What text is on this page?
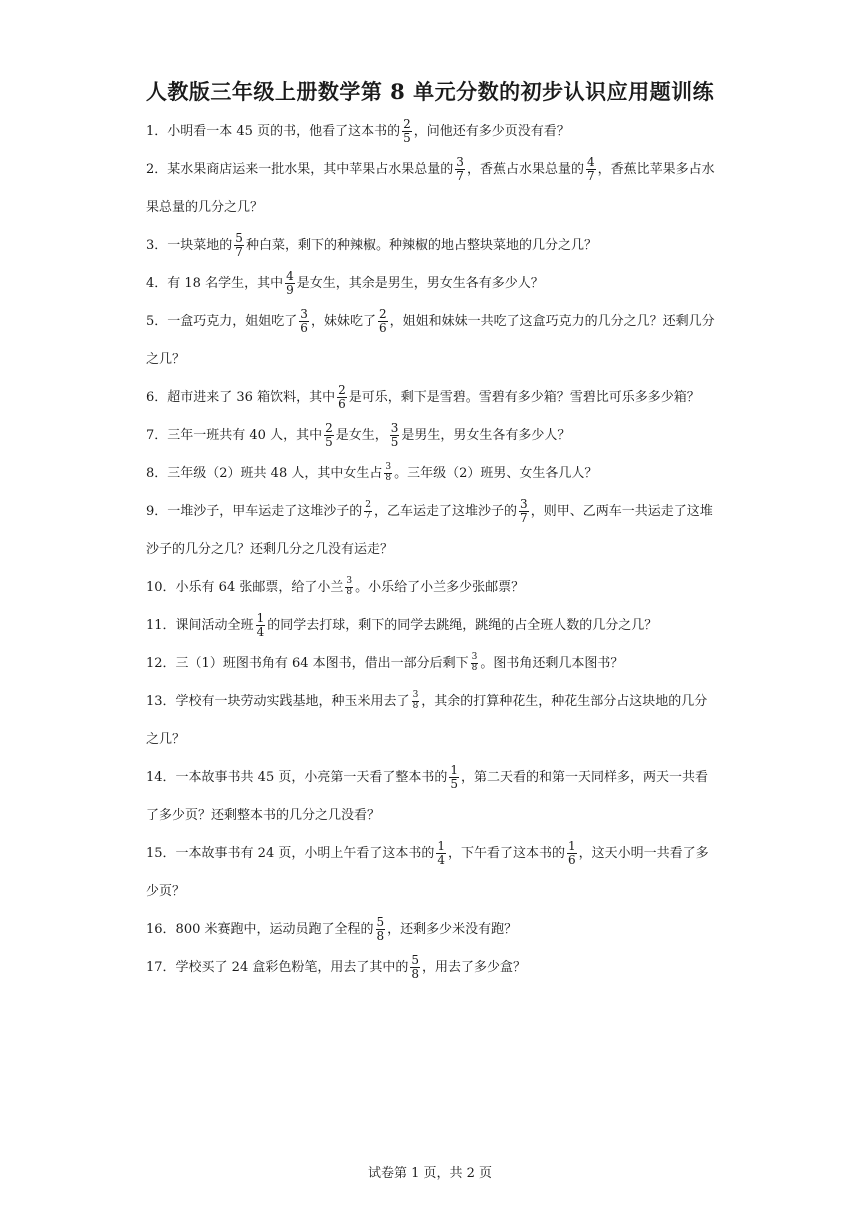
人教版三年级上册数学第 8 单元分数的初步认识应用题训练
1．小明看一本 45 页的书，他看了这本书的 $\frac{2}{5}$ ，问他还有多少页没有看？
2．某水果商店运来一批水果，其中苹果占水果总量的 $\frac{3}{7}$ ，香蕉占水果总量的 $\frac{4}{7}$ ，香蕉比苹果多占水果总量的几分之几？
3．一块菜地的 $\frac{5}{7}$ 种白菜，剩下的种辣椒。种辣椒的地占整块菜地的几分之几？
4．有 18 名学生，其中 $\frac{4}{9}$ 是女生，其余是男生，男女生各有多少人？
5．一盒巧克力，姐姐吃了 $\frac{3}{6}$ ，妹妹吃了 $\frac{2}{6}$ ，姐姐和妹妹一共吃了这盒巧克力的几分之几？还剩几分之几？
6．超市进来了 36 箱饮料，其中 $\frac{2}{6}$ 是可乐，剩下是雪碧。雪碧有多少箱？雪碧比可乐多多少箱？
7．三年一班共有 40 人，其中 $\frac{2}{5}$ 是女生， $\frac{3}{5}$ 是男生，男女生各有多少人？
8．三年级（2）班共 48 人，其中女生占 $\frac{3}{8}$ 。三年级（2）班男、女生各几人？
9．一堆沙子，甲车运走了这堆沙子的 $\frac{2}{7}$ ，乙车运走了这堆沙子的 $\frac{3}{7}$ ，则甲、乙两车一共运走了这堆沙子的几分之几？还剩几分之几没有运走？
10．小乐有 64 张邮票，给了小兰 $\frac{3}{8}$ 。小乐给了小兰多少张邮票？
11．课间活动全班 $\frac{1}{4}$ 的同学去打球，剩下的同学去跳绳，跳绳的占全班人数的几分之几？
12．三（1）班图书角有 64 本图书，借出一部分后剩下 $\frac{3}{8}$ 。图书角还剩几本图书？
13．学校有一块劳动实践基地，种玉米用去了 $\frac{3}{8}$ ，其余的打算种花生，种花生部分占这块地的几分之几？
14．一本故事书共 45 页，小亮第一天看了整本书的 $\frac{1}{5}$ ，第二天看的和第一天同样多，两天一共看了多少页？还剩整本书的几分之几没看？
15．一本故事书有 24 页，小明上午看了这本书的 $\frac{1}{4}$ ，下午看了这本书的 $\frac{1}{6}$ ，这天小明一共看了多少页？
16．800 米赛跑中，运动员跑了全程的 $\frac{5}{8}$ ，还剩多少米没有跑？
17．学校买了 24 盒彩色粉笔，用去了其中的 $\frac{5}{8}$ ，用去了多少盒？
试卷第 1 页，共 2 页
